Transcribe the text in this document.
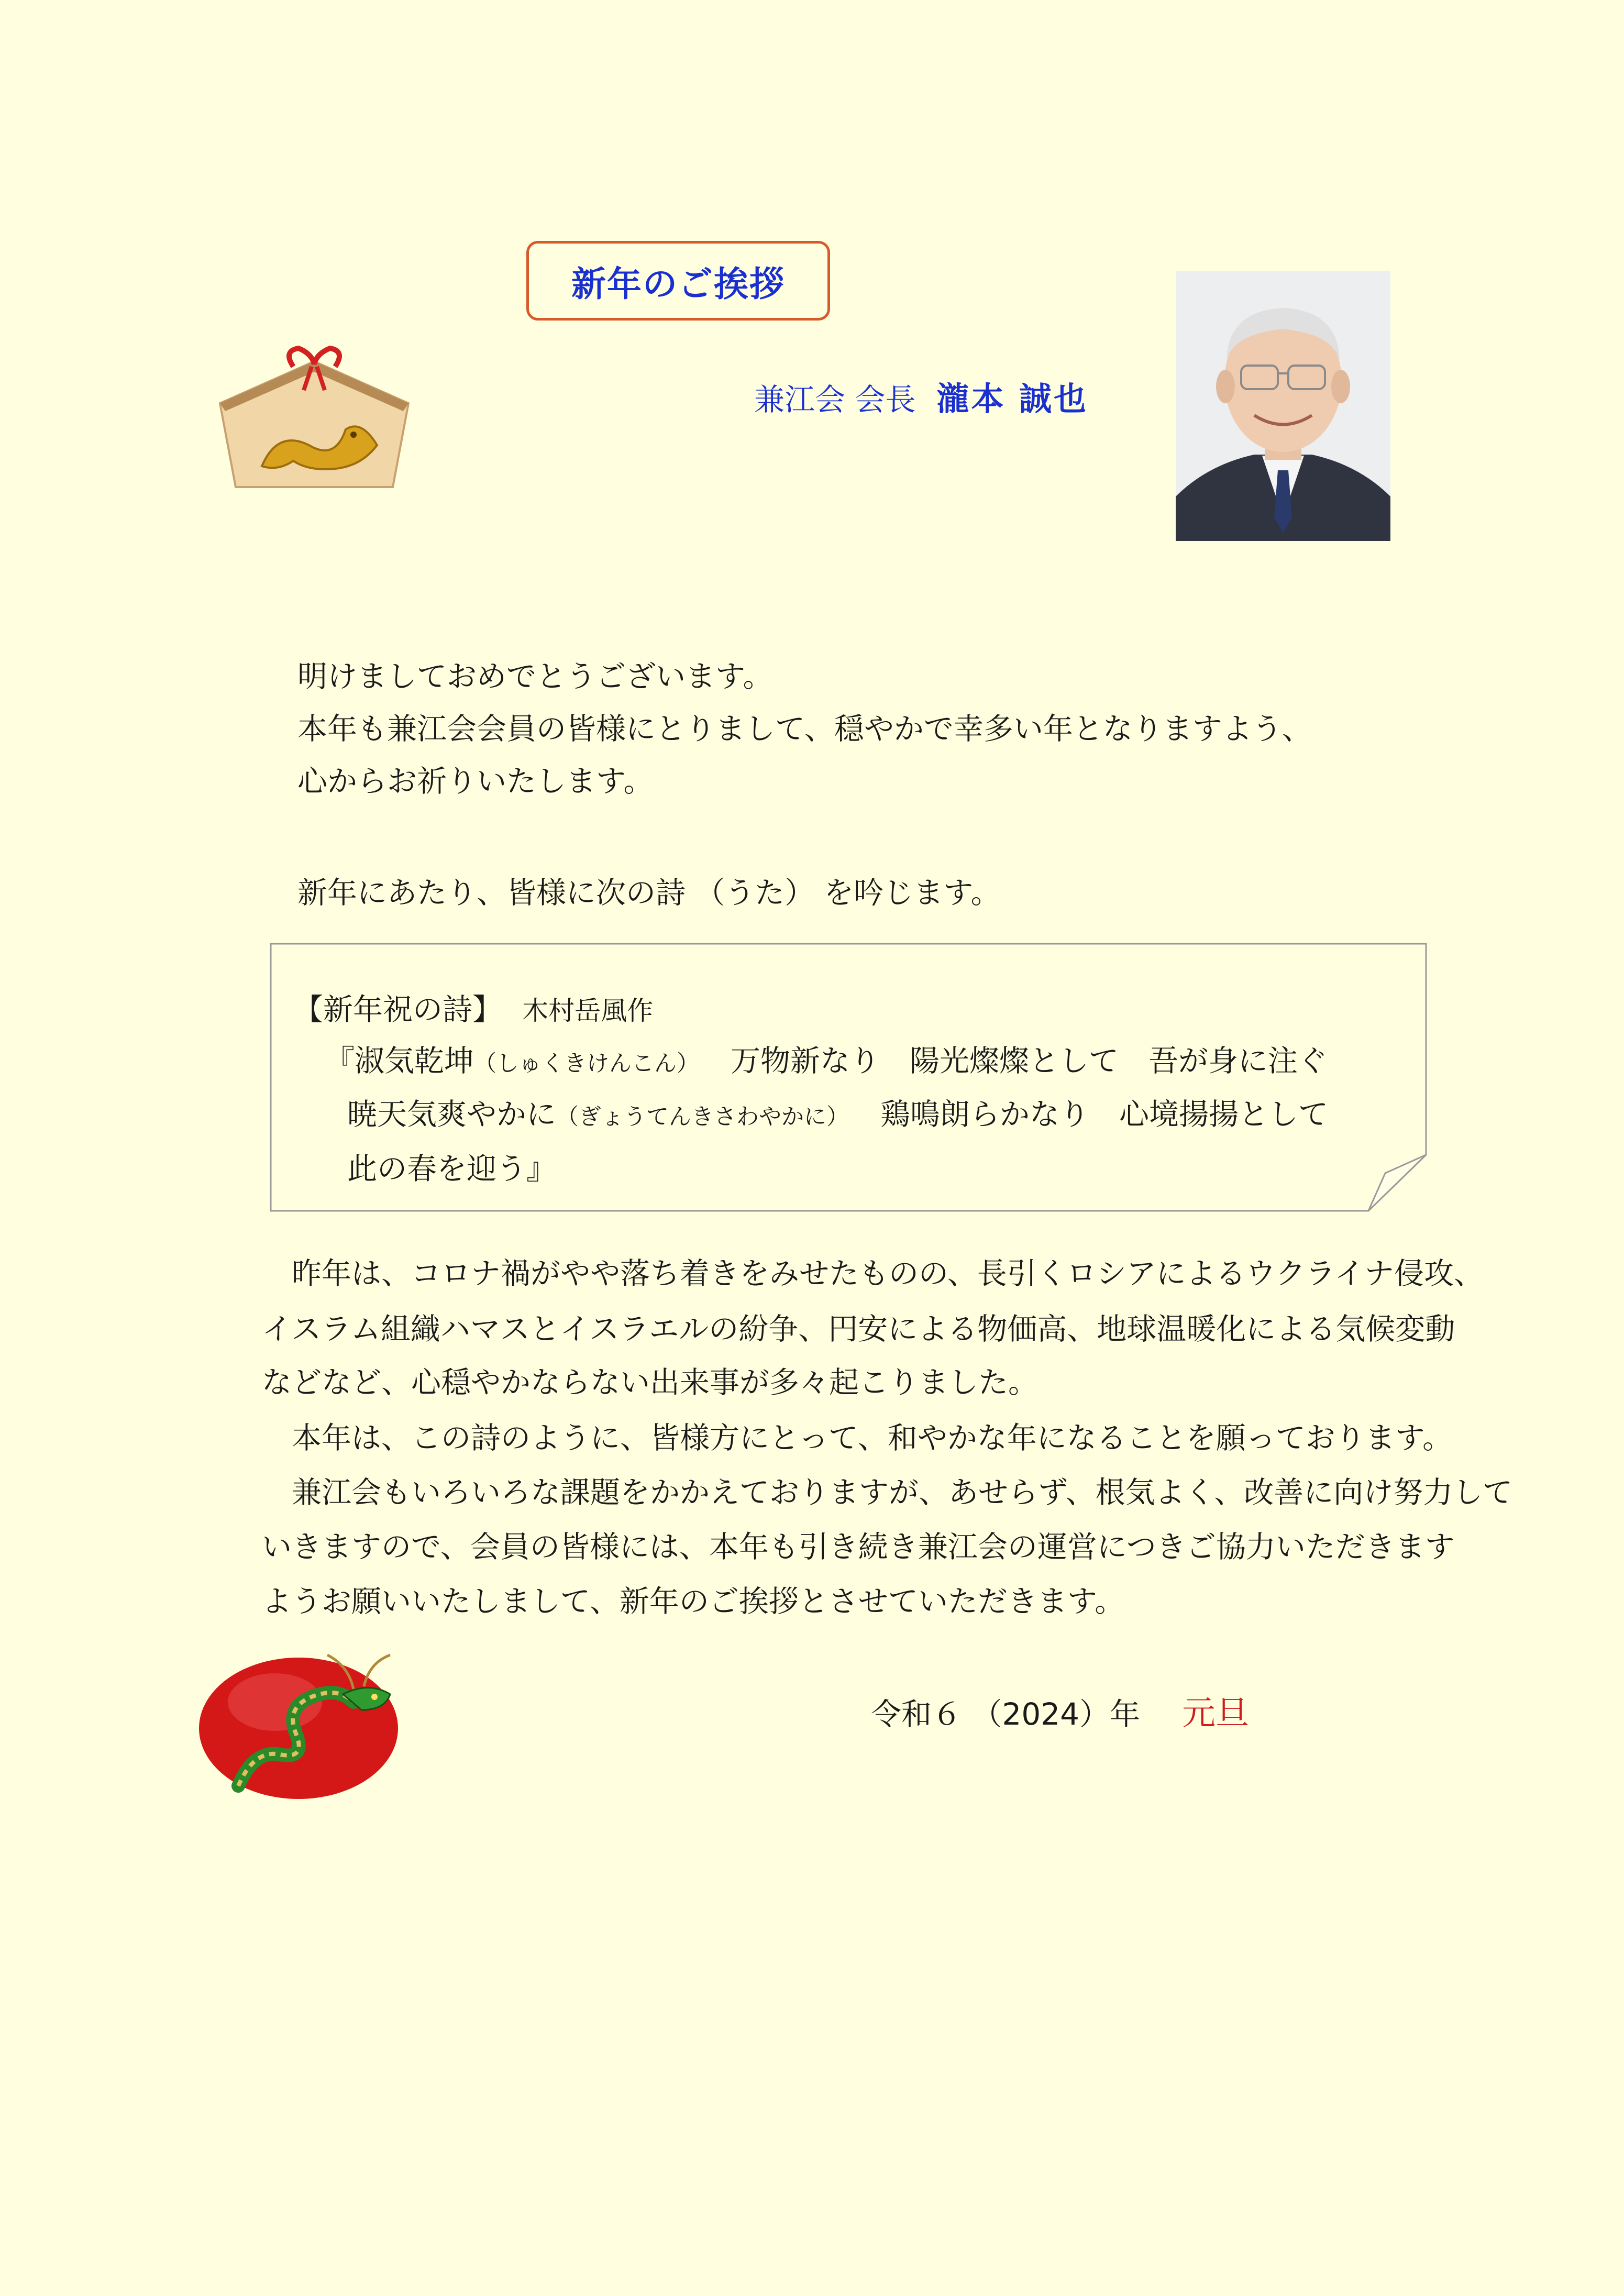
新年のご挨拶
兼江会 会長 瀧本 誠也
明けましておめでとうございます。
本年も兼江会会員の皆様にとりまして、穏やかで幸多い年となりますよう、
心からお祈りいたします。
新年にあたり、皆様に次の詩 （うた） を吟じます。
【新年祝の詩】 木村岳風作
『淑気乾坤（しゅくきけんこん） 万物新なり　陽光燦燦として　吾が身に注ぐ
暁天気爽やかに（ぎょうてんきさわやかに） 鶏鳴朗らかなり　心境揚揚として
此の春を迎う』
　昨年は、コロナ禍がやや落ち着きをみせたものの、長引くロシアによるウクライナ侵攻、
イスラム組織ハマスとイスラエルの紛争、円安による物価高、地球温暖化による気候変動
などなど、心穏やかならない出来事が多々起こりました。
　本年は、この詩のように、皆様方にとって、和やかな年になることを願っております。
　兼江会もいろいろな課題をかかえておりますが、あせらず、根気よく、改善に向け努力して
いきますので、会員の皆様には、本年も引き続き兼江会の運営につきご協力いただきます
ようお願いいたしまして、新年のご挨拶とさせていただきます。
令和６ （2024）年 元旦
